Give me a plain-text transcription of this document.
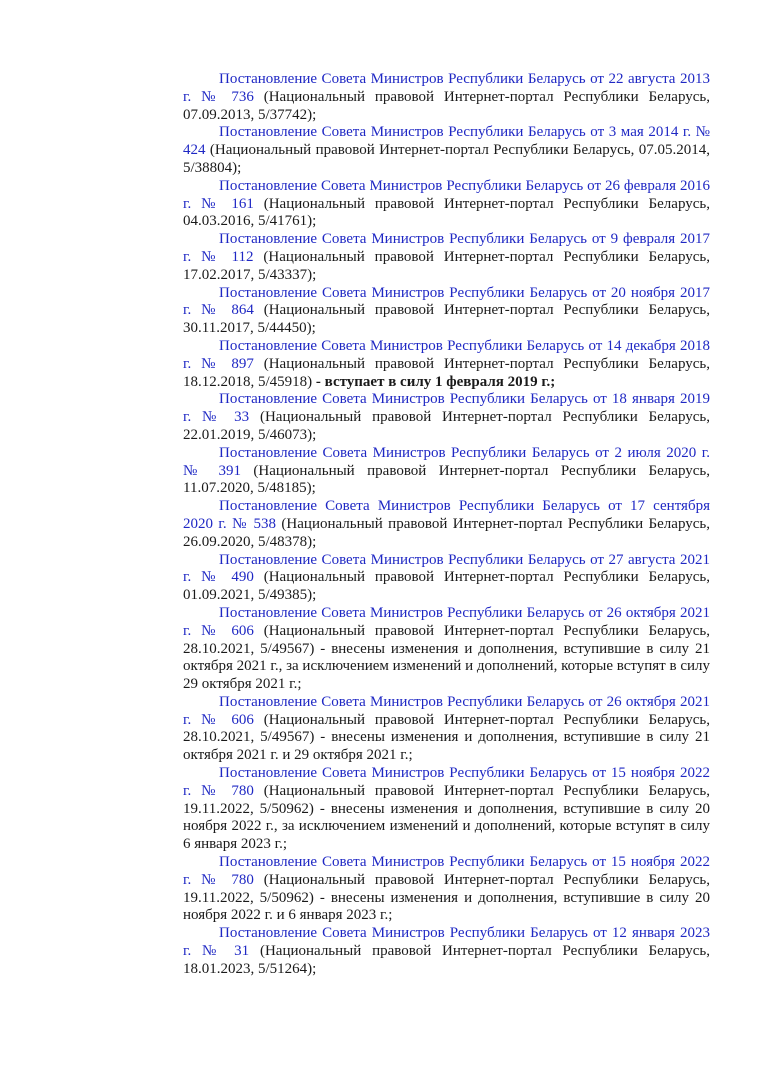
Постановление Совета Министров Республики Беларусь от 22 августа 2013 г. № 736 (Национальный правовой Интернет-портал Республики Беларусь, 07.09.2013, 5/37742);

Постановление Совета Министров Республики Беларусь от 3 мая 2014 г. № 424 (Национальный правовой Интернет-портал Республики Беларусь, 07.05.2014, 5/38804);

Постановление Совета Министров Республики Беларусь от 26 февраля 2016 г. № 161 (Национальный правовой Интернет-портал Республики Беларусь, 04.03.2016, 5/41761);

Постановление Совета Министров Республики Беларусь от 9 февраля 2017 г. № 112 (Национальный правовой Интернет-портал Республики Беларусь, 17.02.2017, 5/43337);

Постановление Совета Министров Республики Беларусь от 20 ноября 2017 г. № 864 (Национальный правовой Интернет-портал Республики Беларусь, 30.11.2017, 5/44450);

Постановление Совета Министров Республики Беларусь от 14 декабря 2018 г. № 897 (Национальный правовой Интернет-портал Республики Беларусь, 18.12.2018, 5/45918) - вступает в силу 1 февраля 2019 г.;

Постановление Совета Министров Республики Беларусь от 18 января 2019 г. № 33 (Национальный правовой Интернет-портал Республики Беларусь, 22.01.2019, 5/46073);

Постановление Совета Министров Республики Беларусь от 2 июля 2020 г. № 391 (Национальный правовой Интернет-портал Республики Беларусь, 11.07.2020, 5/48185);

Постановление Совета Министров Республики Беларусь от 17 сентября 2020 г. № 538 (Национальный правовой Интернет-портал Республики Беларусь, 26.09.2020, 5/48378);

Постановление Совета Министров Республики Беларусь от 27 августа 2021 г. № 490 (Национальный правовой Интернет-портал Республики Беларусь, 01.09.2021, 5/49385);

Постановление Совета Министров Республики Беларусь от 26 октября 2021 г. № 606 (Национальный правовой Интернет-портал Республики Беларусь, 28.10.2021, 5/49567) - внесены изменения и дополнения, вступившие в силу 21 октября 2021 г., за исключением изменений и дополнений, которые вступят в силу 29 октября 2021 г.;

Постановление Совета Министров Республики Беларусь от 26 октября 2021 г. № 606 (Национальный правовой Интернет-портал Республики Беларусь, 28.10.2021, 5/49567) - внесены изменения и дополнения, вступившие в силу 21 октября 2021 г. и 29 октября 2021 г.;

Постановление Совета Министров Республики Беларусь от 15 ноября 2022 г. № 780 (Национальный правовой Интернет-портал Республики Беларусь, 19.11.2022, 5/50962) - внесены изменения и дополнения, вступившие в силу 20 ноября 2022 г., за исключением изменений и дополнений, которые вступят в силу 6 января 2023 г.;

Постановление Совета Министров Республики Беларусь от 15 ноября 2022 г. № 780 (Национальный правовой Интернет-портал Республики Беларусь, 19.11.2022, 5/50962) - внесены изменения и дополнения, вступившие в силу 20 ноября 2022 г. и 6 января 2023 г.;

Постановление Совета Министров Республики Беларусь от 12 января 2023 г. № 31 (Национальный правовой Интернет-портал Республики Беларусь, 18.01.2023, 5/51264);
